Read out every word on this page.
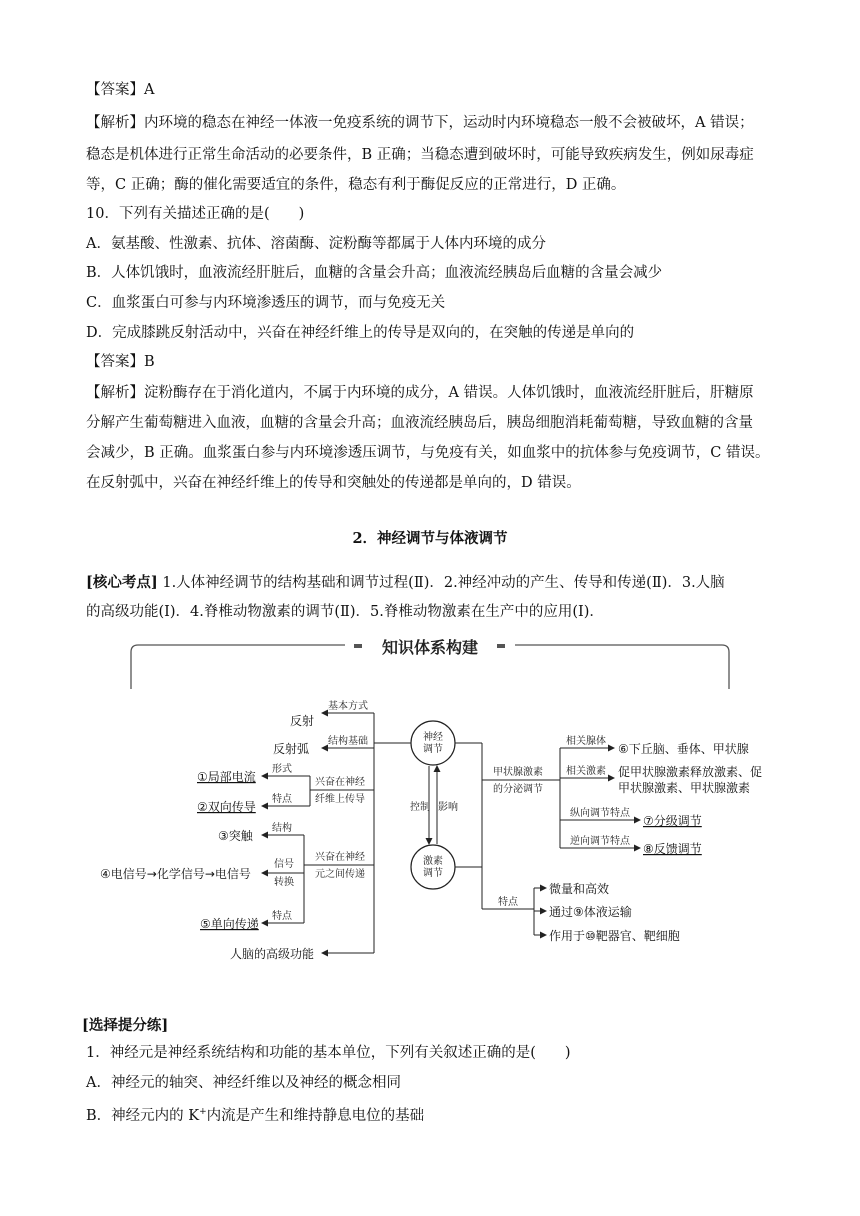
【答案】A
【解析】内环境的稳态在神经一体液一免疫系统的调节下，运动时内环境稳态一般不会被破坏，A 错误；
稳态是机体进行正常生命活动的必要条件，B 正确；当稳态遭到破坏时，可能导致疾病发生，例如尿毒症
等，C 正确；酶的催化需要适宜的条件，稳态有利于酶促反应的正常进行，D 正确。
10．下列有关描述正确的是(　　)
A．氨基酸、性激素、抗体、溶菌酶、淀粉酶等都属于人体内环境的成分
B．人体饥饿时，血液流经肝脏后，血糖的含量会升高；血液流经胰岛后血糖的含量会减少
C．血浆蛋白可参与内环境渗透压的调节，而与免疫无关
D．完成膝跳反射活动中，兴奋在神经纤维上的传导是双向的，在突触的传递是单向的
【答案】B
【解析】淀粉酶存在于消化道内，不属于内环境的成分，A 错误。人体饥饿时，血液流经肝脏后，肝糖原
分解产生葡萄糖进入血液，血糖的含量会升高；血液流经胰岛后，胰岛细胞消耗葡萄糖，导致血糖的含量
会减少，B 正确。血浆蛋白参与内环境渗透压调节，与免疫有关，如血浆中的抗体参与免疫调节，C 错误。
在反射弧中，兴奋在神经纤维上的传导和突触处的传递都是单向的，D 错误。
2．神经调节与体液调节
[核心考点] 1.人体神经调节的结构基础和调节过程(Ⅱ)．2.神经冲动的产生、传导和传递(Ⅱ)．3.人脑
的高级功能(Ⅰ)．4.脊椎动物激素的调节(Ⅱ)．5.脊椎动物激素在生产中的应用(Ⅰ)．
知识体系构建
神经
调节
激素
调节
控制 影响
基本方式
反射
结构基础
反射弧
兴奋在神经
纤维上传导
形式
①局部电流
特点
②双向传导
兴奋在神经
元之间传递
结构
③突触
信号
转换
④电信号→化学信号→电信号
特点
⑤单向传递
人脑的高级功能
甲状腺激素
的分泌调节
相关腺体
⑥下丘脑、垂体、甲状腺
相关激素 促甲状腺激素释放激素、促
甲状腺激素、甲状腺激素
纵向调节特点
⑦分级调节
逆向调节特点
⑧反馈调节
特点
微量和高效
通过⑨体液运输
作用于⑩靶器官、靶细胞
[选择提分练]
1．神经元是神经系统结构和功能的基本单位，下列有关叙述正确的是(　　)
A．神经元的轴突、神经纤维以及神经的概念相同
B．神经元内的 K+内流是产生和维持静息电位的基础
